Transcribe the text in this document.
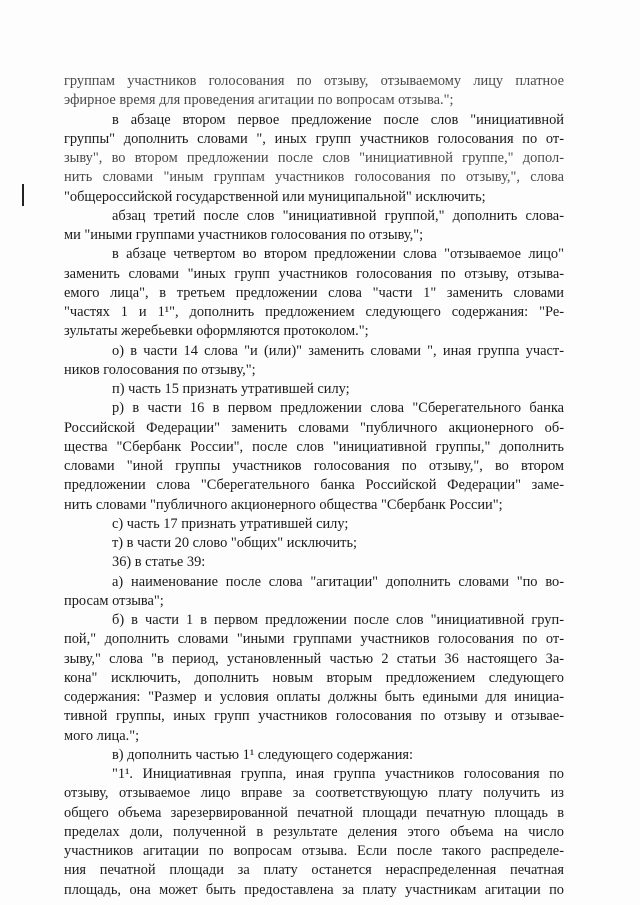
группам участников голосования по отзыву, отзываемому лицу платное
эфирное время для проведения агитации по вопросам отзыва.";
в абзаце втором первое предложение после слов "инициативной
группы" дополнить словами ", иных групп участников голосования по от-
зыву", во втором предложении после слов "инициативной группе," допол-
нить словами "иным группам участников голосования по отзыву,", слова
"общероссийской государственной или муниципальной" исключить;
абзац третий после слов "инициативной группой," дополнить слова-
ми "иными группами участников голосования по отзыву,";
в абзаце четвертом во втором предложении слова "отзываемое лицо"
заменить словами "иных групп участников голосования по отзыву, отзыва-
емого лица", в третьем предложении слова "части 1" заменить словами
"частях 1 и 1¹", дополнить предложением следующего содержания: "Ре-
зультаты жеребьевки оформляются протоколом.";
о) в части 14 слова "и (или)" заменить словами ", иная группа участ-
ников голосования по отзыву,";
п) часть 15 признать утратившей силу;
р) в части 16 в первом предложении слова "Сберегательного банка
Российской Федерации" заменить словами "публичного акционерного об-
щества "Сбербанк России", после слов "инициативной группы," дополнить
словами "иной группы участников голосования по отзыву,", во втором
предложении слова "Сберегательного банка Российской Федерации" заме-
нить словами "публичного акционерного общества "Сбербанк России";
с) часть 17 признать утратившей силу;
т) в части 20 слово "общих" исключить;
36) в статье 39:
а) наименование после слова "агитации" дополнить словами "по во-
просам отзыва";
б) в части 1 в первом предложении после слов "инициативной груп-
пой," дополнить словами "иными группами участников голосования по от-
зыву," слова "в период, установленный частью 2 статьи 36 настоящего За-
кона" исключить, дополнить новым вторым предложением следующего
содержания: "Размер и условия оплаты должны быть едиными для инициа-
тивной группы, иных групп участников голосования по отзыву и отзывае-
мого лица.";
в) дополнить частью 1¹ следующего содержания:
"1¹. Инициативная группа, иная группа участников голосования по
отзыву, отзываемое лицо вправе за соответствующую плату получить из
общего объема зарезервированной печатной площади печатную площадь в
пределах доли, полученной в результате деления этого объема на число
участников агитации по вопросам отзыва. Если после такого распределе-
ния печатной площади за плату останется нераспределенная печатная
площадь, она может быть предоставлена за плату участникам агитации по
